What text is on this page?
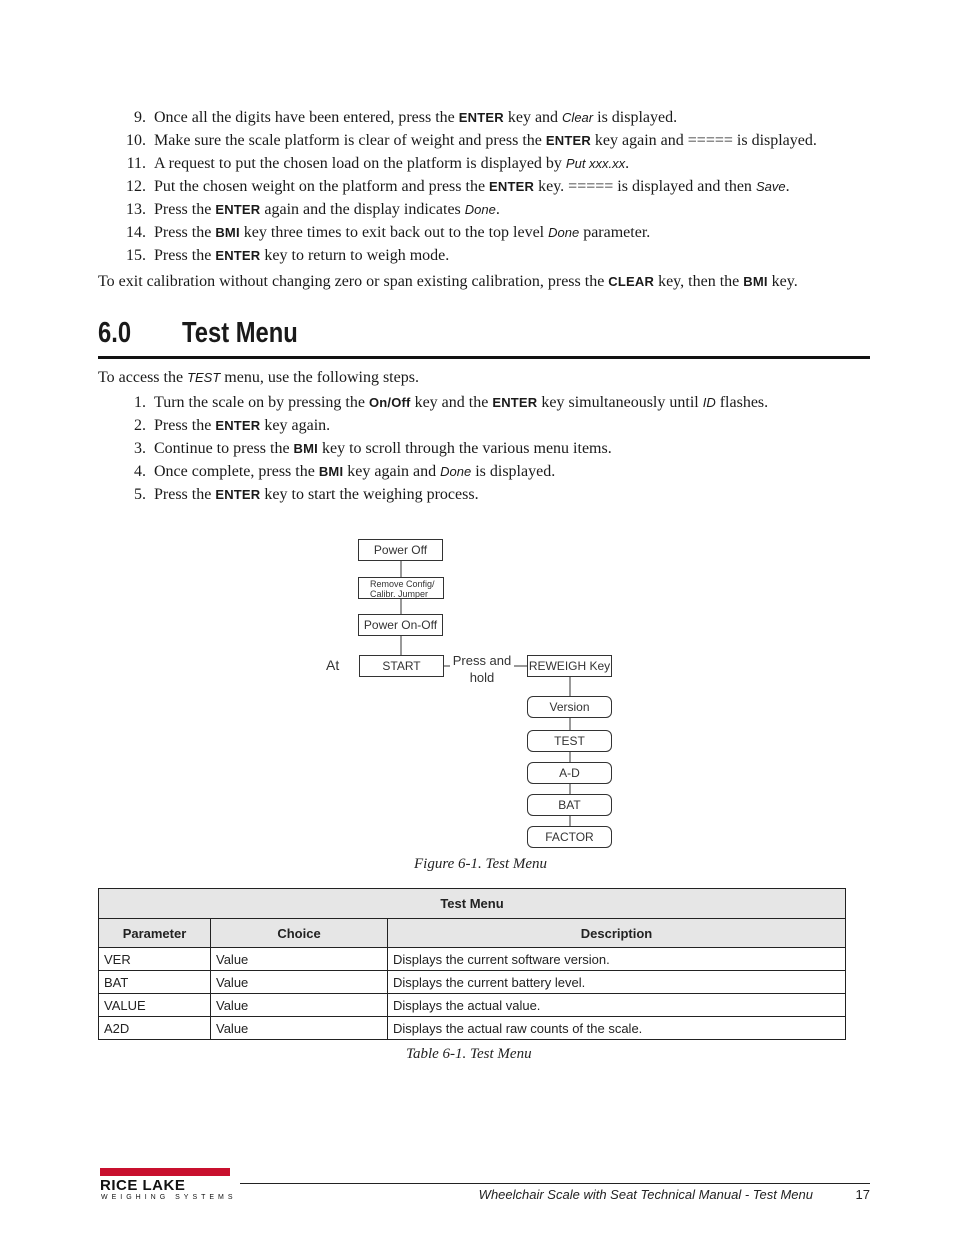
9. Once all the digits have been entered, press the ENTER key and Clear is displayed.
10. Make sure the scale platform is clear of weight and press the ENTER key again and ===== is displayed.
11. A request to put the chosen load on the platform is displayed by Put xxx.xx.
12. Put the chosen weight on the platform and press the ENTER key. ===== is displayed and then Save.
13. Press the ENTER again and the display indicates Done.
14. Press the BMI key three times to exit back out to the top level Done parameter.
15. Press the ENTER key to return to weigh mode.
To exit calibration without changing zero or span existing calibration, press the CLEAR key, then the BMI key.
6.0 Test Menu
To access the TEST menu, use the following steps.
1. Turn the scale on by pressing the On/Off key and the ENTER key simultaneously until ID flashes.
2. Press the ENTER key again.
3. Continue to press the BMI key to scroll through the various menu items.
4. Once complete, press the BMI key again and Done is displayed.
5. Press the ENTER key to start the weighing process.
Power Off
Remove Config/
Calibr. Jumper
Power On-Off
At	START	Press and
hold
REWEIGH Key
Version
TEST
A-D
BAT
FACTOR
Figure 6-1. Test Menu
Test Menu		
Parameter	Choice	Description
VER	Value	Displays the current software version.
BAT	Value	Displays the current battery level.
VALUE	Value	Displays the actual value.
A2D	Value	Displays the actual raw counts of the scale.
Table 6-1. Test Menu
RICE LAKE
WEIGHING SYSTEMS	Wheelchair Scale with Seat Technical Manual - Test Menu	17
